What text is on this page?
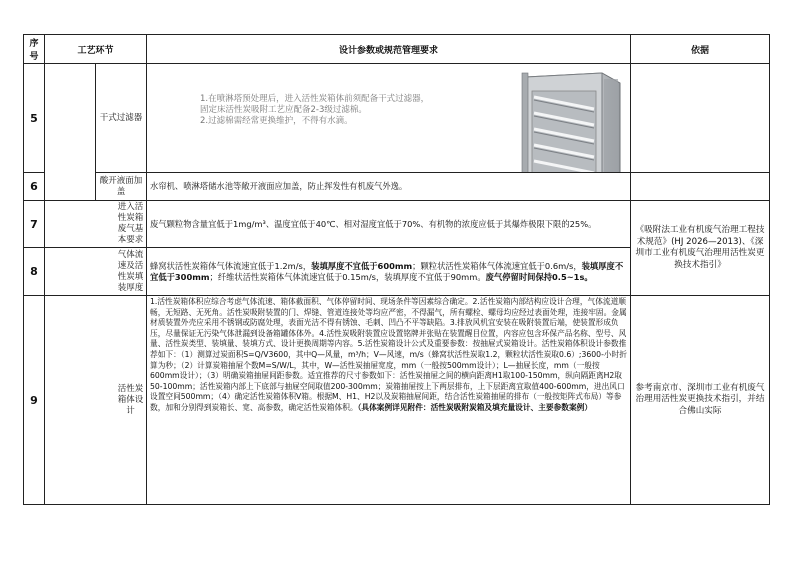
序号	工艺环节		设计参数或规范管理要求	依据
5		干式过滤器	1.在喷淋塔预处理后，进入活性炭箱体前须配备干式过滤器，
固定床活性炭吸附工艺应配备2-3级过滤棉。
2.过滤棉需经常更换维护，不得有水滴。	

6		酸开液面加盖	水帘机、喷淋塔储水池等敞开液面应加盖，防止挥发性有机废气外逸。	
7	进入活性炭箱废气基本要求		废气颗粒物含量宜低于1mg/m³、温度宜低于40℃、相对湿度宜低于70%、有机物的浓度应低于其爆炸极限下限的25%。	《吸附法工业有机废气治理工程技术规范》(HJ 2026—2013)、《深圳市工业有机废气治理用活性炭更换技术指引》
8	气体流速及活性炭填装厚度		蜂窝状活性炭箱体气体流速宜低于1.2m/s，装填厚度不宜低于600mm；颗粒状活性炭箱体气体流速宜低于0.6m/s，装填厚度不宜低于300mm；纤维状活性炭箱体气体流速宜低于0.15m/s，装填厚度不宜低于90mm。废气停留时间保持0.5~1s。	
9	活性炭箱体设计		1.活性炭箱体积应综合考虑气体流速、箱体截面积、气体停留时间、现场条件等因素综合确定。2.活性炭箱内部结构应设计合理，气体流道顺畅，无短路、无死角。活性炭吸附装置的门、焊缝、管道连接处等均应严密，不得漏气，所有螺栓、螺母均应经过表面处理，连接牢固。金属材质装置外壳应采用不锈钢或防腐处理，表面光洁不得有锈蚀、毛刺、凹凸不平等缺陷。3.排放风机宜安装在吸附装置后端，使装置形成负压，尽量保证无污染气体泄漏到设备箱罐体体外。4.活性炭吸附装置应设置铭牌并张贴在装置醒目位置，内容应包含环保产品名称、型号、风量、活性炭类型、装填量、装填方式、设计更换周期等内容。5.活性炭箱设计公式及重要参数：按抽屉式炭箱设计。活性炭箱体积设计参数推荐如下：（1）测算过炭面积S=Q/V3600，其中Q—风量，m³/h；V—风速，m/s（蜂窝状活性炭取1.2，颗粒状活性炭取0.6）;3600-小时折算为秒；（2）计算炭箱抽屉个数M=S/W/L，其中，W—活性炭抽屉宽度，mm（一般按500mm设计）；L—抽屉长度，mm（一般按600mm设计）；（3）明确炭箱抽屉间距参数。适宜推荐的尺寸参数如下：活性炭抽屉之间的横向距离H1取100-150mm，纵向隔距离H2取50-100mm；活性炭箱内部上下底部与抽屉空间取值200-300mm；炭箱抽屉按上下两层排布，上下层距离宜取值400-600mm，进出风口设置空间500mm；（4）确定活性炭箱体积V箱。根据M、H1、H2以及炭箱抽屉间距，结合活性炭箱抽屉的排布（一般按矩阵式布局）等参数，加和分别得到炭箱长、宽、高参数，确定活性炭箱体积。（具体案例详见附件：活性炭吸附炭箱及填充量设计、主要参数案例）	参考南京市、深圳市工业有机废气治理用活性炭更换技术指引，并结合佛山实际
